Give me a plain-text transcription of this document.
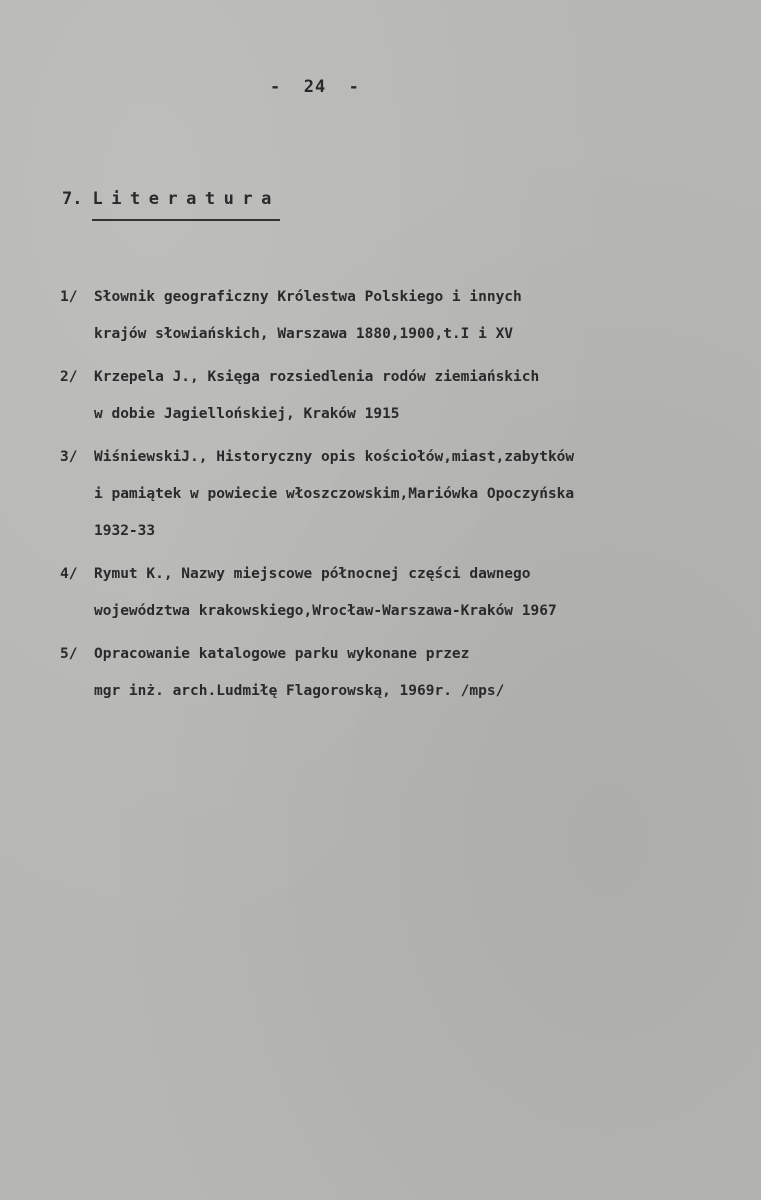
-  24  -
7. Literatura
1/ Słownik geograficzny Królestwa Polskiego i innych
krajów słowiańskich, Warszawa 1880,1900,t.I i XV
2/ Krzepela J., Księga rozsiedlenia rodów ziemiańskich
w dobie Jagiellońskiej, Kraków 1915
3/ WiśniewskiJ., Historyczny opis kościołów,miast,zabytków
i pamiątek w powiecie włoszczowskim,Mariówka Opoczyńska
1932-33
4/ Rymut K., Nazwy miejscowe północnej części dawnego
województwa krakowskiego,Wrocław-Warszawa-Kraków 1967
5/ Opracowanie katalogowe parku wykonane przez
mgr inż. arch.Ludmiłę Flagorowską, 1969r. /mps/
